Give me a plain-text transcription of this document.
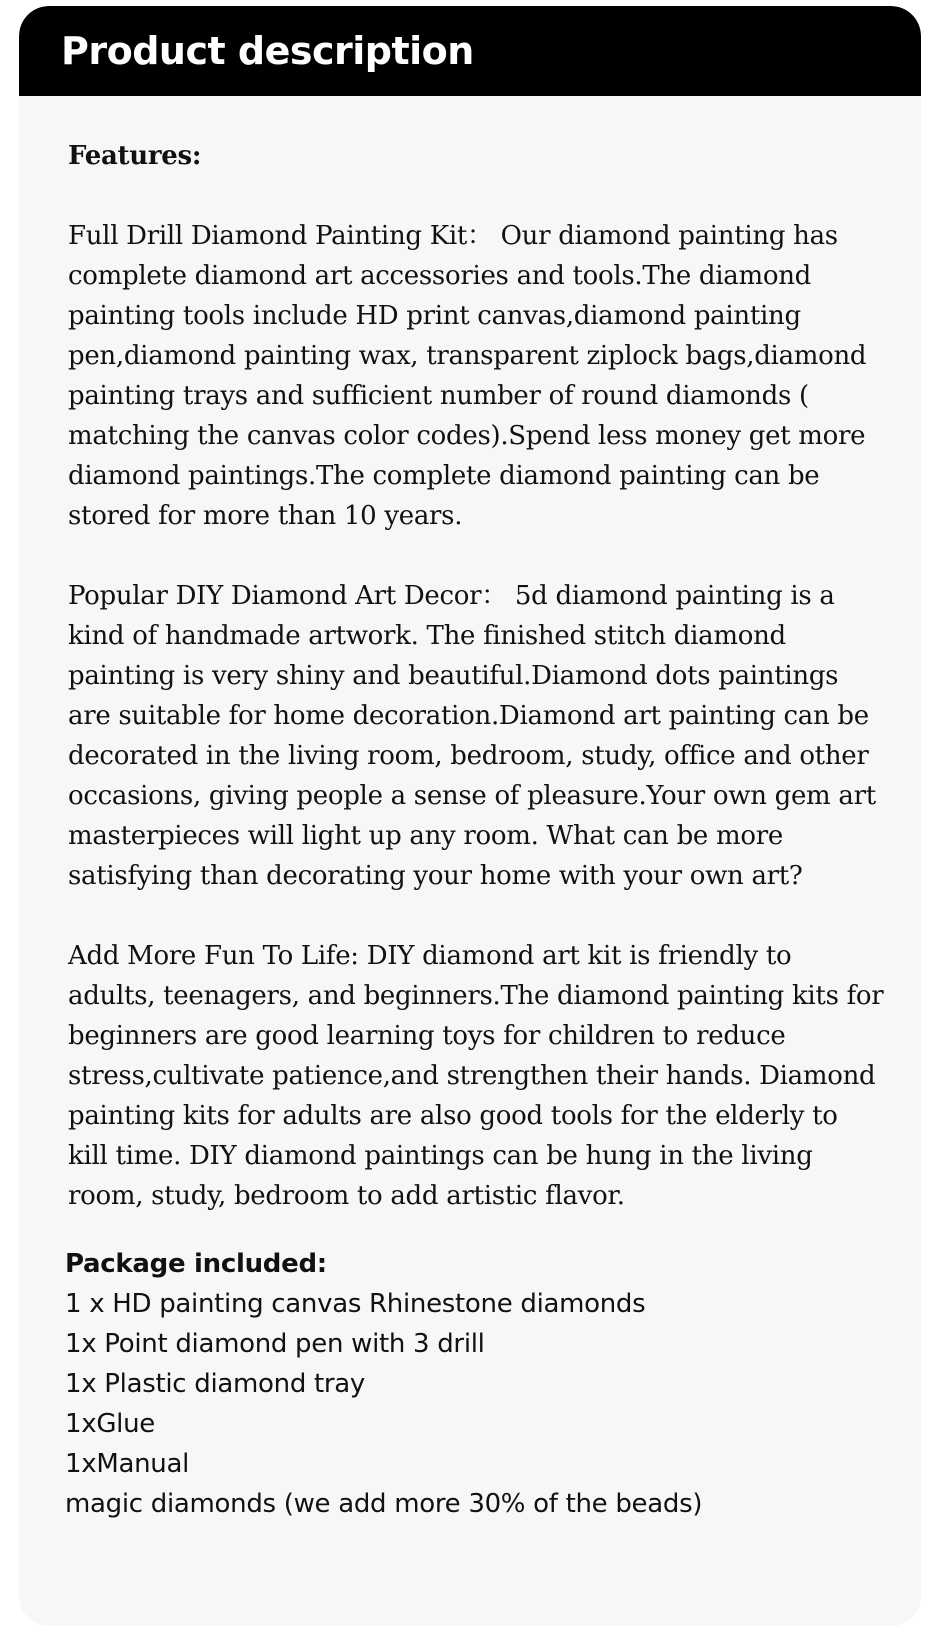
Product description

Features:

Full Drill Diamond Painting Kit： Our diamond painting has complete diamond art accessories and tools.The diamond painting tools include HD print canvas,diamond painting pen,diamond painting wax, transparent ziplock bags,diamond painting trays and sufficient number of round diamonds ( matching the canvas color codes).Spend less money get more diamond paintings.The complete diamond painting can be stored for more than 10 years.

Popular DIY Diamond Art Decor： 5d diamond painting is a kind of handmade artwork. The finished stitch diamond painting is very shiny and beautiful.Diamond dots paintings are suitable for home decoration.Diamond art painting can be decorated in the living room, bedroom, study, office and other occasions, giving people a sense of pleasure.Your own gem art masterpieces will light up any room. What can be more satisfying than decorating your home with your own art?

Add More Fun To Life: DIY diamond art kit is friendly to adults, teenagers, and beginners.The diamond painting kits for beginners are good learning toys for children to reduce stress,cultivate patience,and strengthen their hands. Diamond painting kits for adults are also good tools for the elderly to kill time. DIY diamond paintings can be hung in the living room, study, bedroom to add artistic flavor.

Package included:
1 x HD painting canvas Rhinestone diamonds
1x Point diamond pen with 3 drill
1x Plastic diamond tray
1xGlue
1xManual
magic diamonds (we add more 30% of the beads)
